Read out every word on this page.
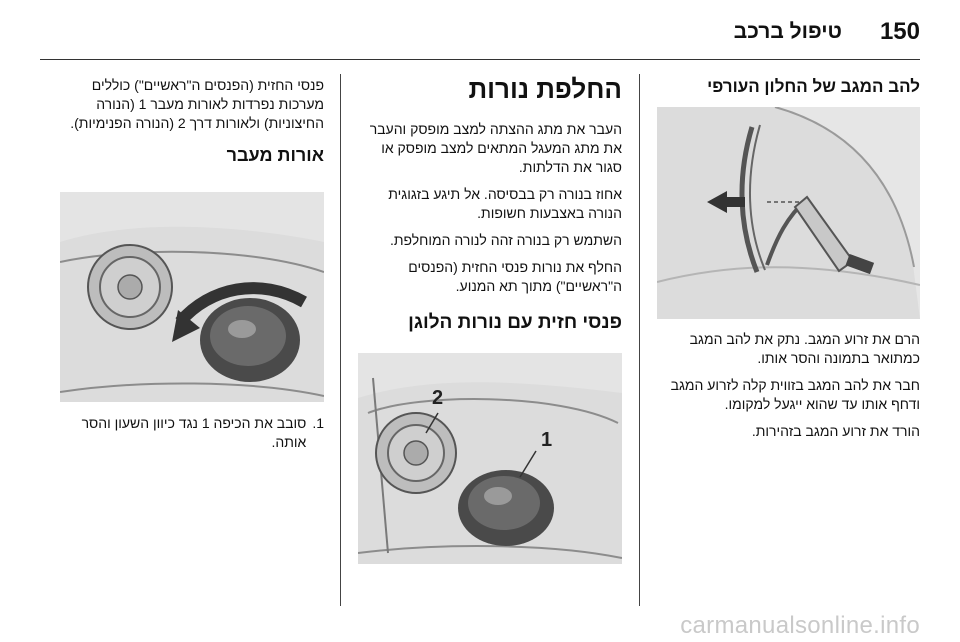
150
טיפול ברכב
להב המגב של החלון העורפי

הרם את זרוע המגב. נתק את להב המגב כמתואר בתמונה והסר אותו.

חבר את להב המגב בזווית קלה לזרוע המגב ודחף אותו עד שהוא ייגעל למקומו.

הורד את זרוע המגב בזהירות.

החלפת נורות

העבר את מתג ההצתה למצב מופסק והעבר את מתג המעגל המתאים למצב מופסק או סגור את הדלתות.

אחוז בנורה רק בבסיסה. אל תיגע בזגוגית הנורה באצבעות חשופות.

השתמש רק בנורה זהה לנורה המוחלפת.

החלף את נורות פנסי החזית (הפנסים ה"ראשיים") מתוך תא המנוע.

פנסי חזית עם נורות הלוגן
2
1

פנסי החזית (הפנסים ה"ראשיים") כוללים מערכות נפרדות לאורות מעבר 1 (הנורה החיצוניות) ולאורות דרך 2 (הנורה הפנימיות).

אורות מעבר
1.

סובב את הכיפה 1 נגד כיוון השעון והסר אותה.

carmanualsonline.info
